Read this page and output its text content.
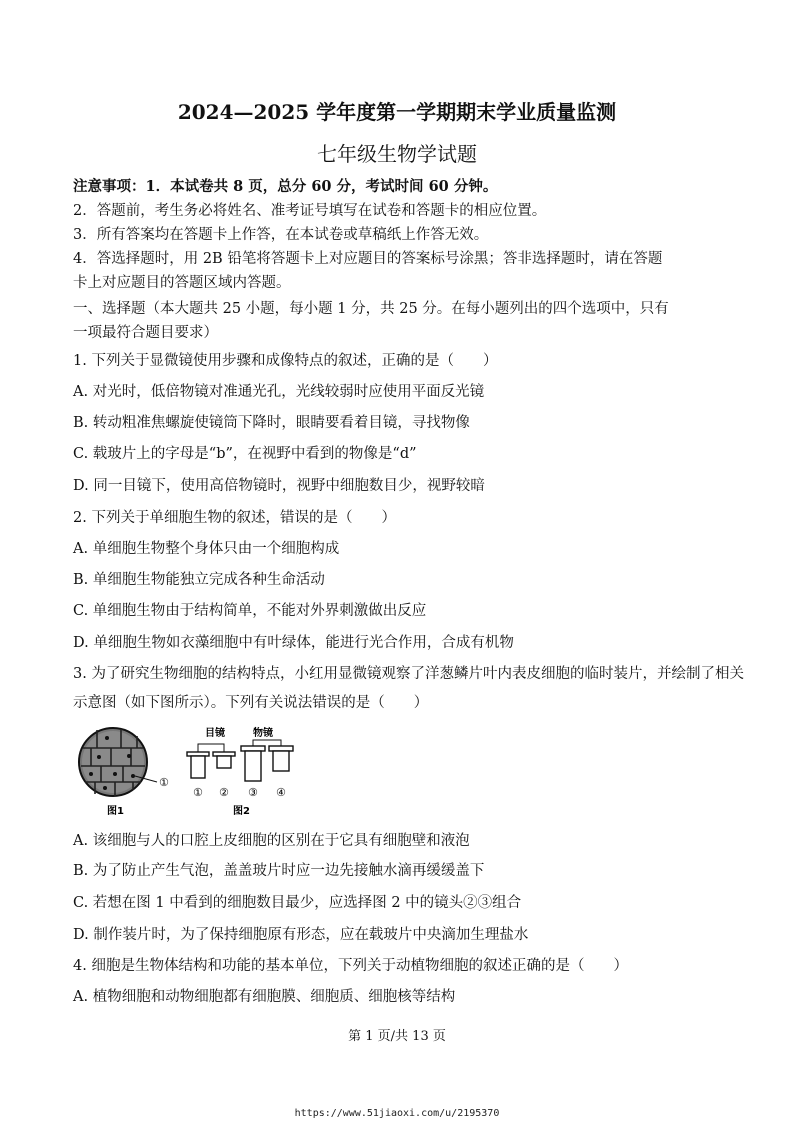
2024—2025 学年度第一学期期末学业质量监测
七年级生物学试题
注意事项：1．本试卷共 8 页，总分 60 分，考试时间 60 分钟。
2．答题前，考生务必将姓名、准考证号填写在试卷和答题卡的相应位置。
3．所有答案均在答题卡上作答，在本试卷或草稿纸上作答无效。
4．答选择题时，用 2B 铅笔将答题卡上对应题目的答案标号涂黑；答非选择题时，请在答题
卡上对应题目的答题区域内答题。
一、选择题（本大题共 25 小题，每小题 1 分，共 25 分。在每小题列出的四个选项中，只有
一项最符合题目要求）
1. 下列关于显微镜使用步骤和成像特点的叙述，正确的是（　　）
A. 对光时，低倍物镜对准通光孔，光线较弱时应使用平面反光镜
B. 转动粗准焦螺旋使镜筒下降时，眼睛要看着目镜，寻找物像
C. 载玻片上的字母是“b”，在视野中看到的物像是“d”
D. 同一目镜下，使用高倍物镜时，视野中细胞数目少，视野较暗
2. 下列关于单细胞生物的叙述，错误的是（　　）
A. 单细胞生物整个身体只由一个细胞构成
B. 单细胞生物能独立完成各种生命活动
C. 单细胞生物由于结构简单，不能对外界刺激做出反应
D. 单细胞生物如衣藻细胞中有叶绿体，能进行光合作用，合成有机物
3. 为了研究生物细胞的结构特点，小红用显微镜观察了洋葱鳞片叶内表皮细胞的临时装片，并绘制了相关
示意图（如下图所示）。下列有关说法错误的是（　　）
①
图1
目镜	物镜
① ② ③ ④
图2
A. 该细胞与人的口腔上皮细胞的区别在于它具有细胞壁和液泡
B. 为了防止产生气泡，盖盖玻片时应一边先接触水滴再缓缓盖下
C. 若想在图 1 中看到的细胞数目最少，应选择图 2 中的镜头②③组合
D. 制作装片时，为了保持细胞原有形态，应在载玻片中央滴加生理盐水
4. 细胞是生物体结构和功能的基本单位，下列关于动植物细胞的叙述正确的是（　　）
A. 植物细胞和动物细胞都有细胞膜、细胞质、细胞核等结构
第 1 页/共 13 页
https://www.51jiaoxi.com/u/2195370
